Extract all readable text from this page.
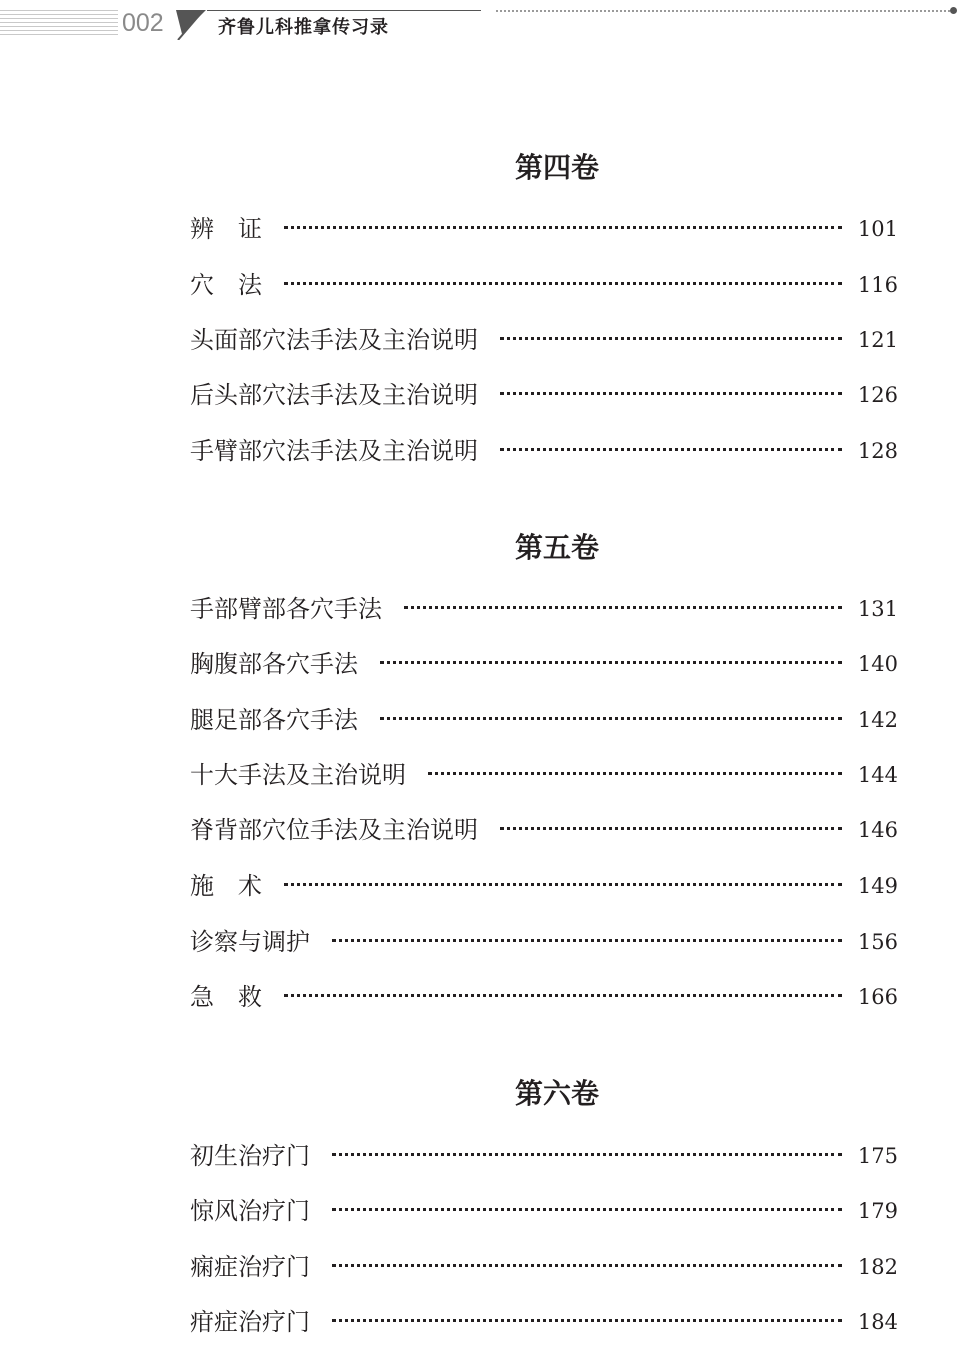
002	齐鲁儿科推拿传习录
第四卷
辨　证	101
穴　法	116
头面部穴法手法及主治说明	121
后头部穴法手法及主治说明	126
手臂部穴法手法及主治说明	128
第五卷
手部臂部各穴手法	131
胸腹部各穴手法	140
腿足部各穴手法	142
十大手法及主治说明	144
脊背部穴位手法及主治说明	146
施　术	149
诊察与调护	156
急　救	166
第六卷
初生治疗门	175
惊风治疗门	179
痫症治疗门	182
疳症治疗门	184
